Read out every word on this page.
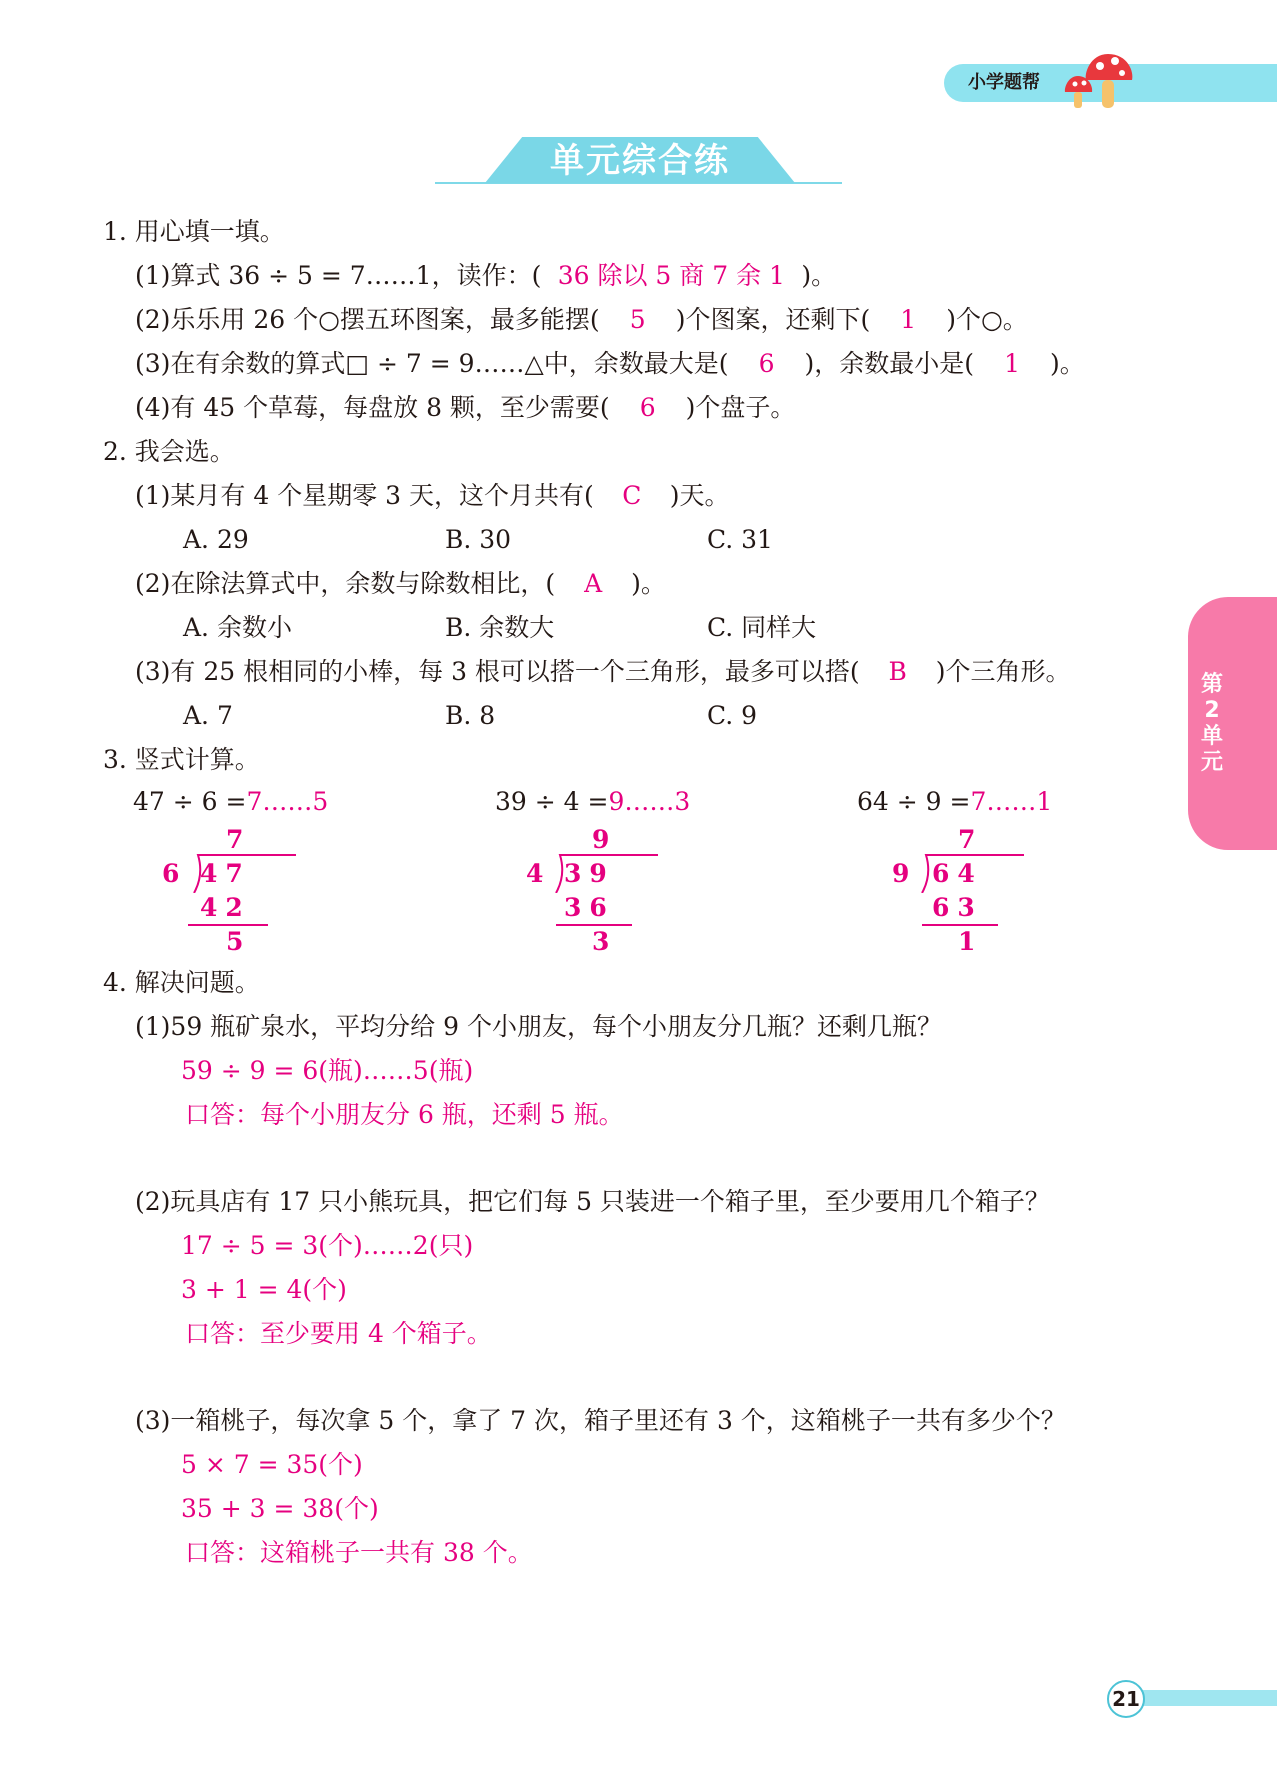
小学题帮
单元综合练
第2单元
1. 用心填一填。
(1)算式 36 ÷ 5 = 7……1，读作：( 36 除以 5 商 7 余 1 )。
(2)乐乐用 26 个○摆五环图案，最多能摆( 5 )个图案，还剩下( 1 )个○。
(3)在有余数的算式□ ÷ 7 = 9……△中，余数最大是( 6 )，余数最小是( 1 )。
(4)有 45 个草莓，每盘放 8 颗，至少需要( 6 )个盘子。
2. 我会选。
(1)某月有 4 个星期零 3 天，这个月共有( C )天。
A. 29	B. 30	C. 31
(2)在除法算式中，余数与除数相比，( A )。
A. 余数小	B. 余数大	C. 同样大
(3)有 25 根相同的小棒，每 3 根可以搭一个三角形，最多可以搭( B )个三角形。
A. 7	B. 8	C. 9
3. 竖式计算。
47 ÷ 6 =7……5	39 ÷ 4 =9……3	64 ÷ 9 =7……1
7
6 47
42
5
9
4 39
36
3
7
9 64
63
1
4. 解决问题。
(1)59 瓶矿泉水，平均分给 9 个小朋友，每个小朋友分几瓶？还剩几瓶？
59 ÷ 9 = 6(瓶)……5(瓶)
口答：每个小朋友分 6 瓶，还剩 5 瓶。
(2)玩具店有 17 只小熊玩具，把它们每 5 只装进一个箱子里，至少要用几个箱子？
17 ÷ 5 = 3(个)……2(只)
3 + 1 = 4(个)
口答：至少要用 4 个箱子。
(3)一箱桃子，每次拿 5 个，拿了 7 次，箱子里还有 3 个，这箱桃子一共有多少个？
5 × 7 = 35(个)
35 + 3 = 38(个)
口答：这箱桃子一共有 38 个。
21
